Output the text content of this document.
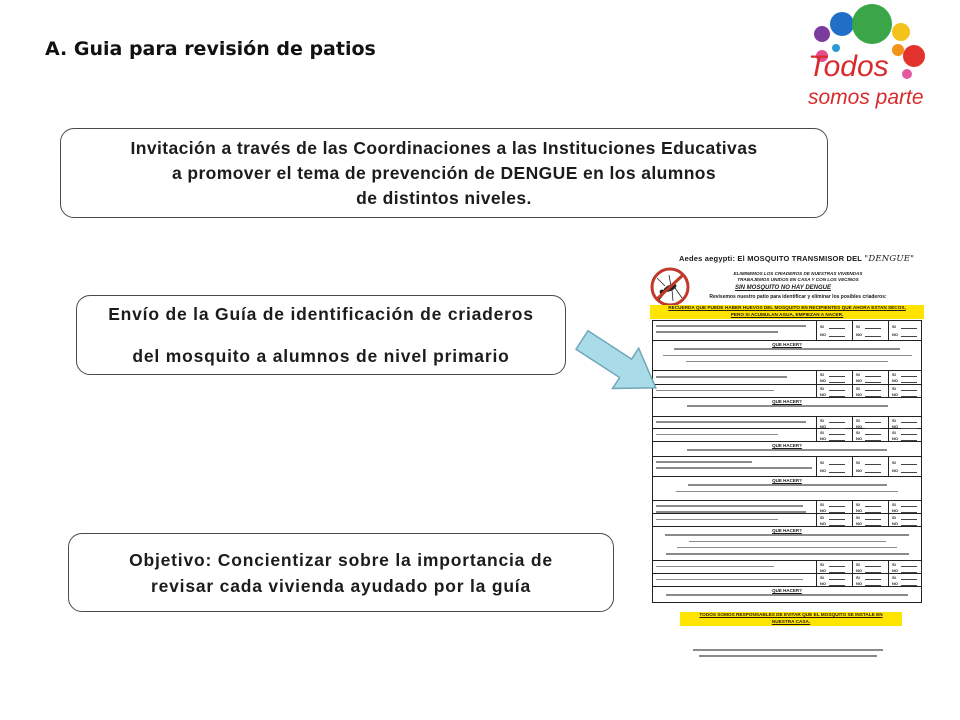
A. Guia para revisión de patios
Todos
somos parte
Invitación a través de las Coordinaciones a las Instituciones Educativas
a promover el tema de prevención de DENGUE en los alumnos
de distintos niveles.
Envío de la Guía de identificación de criaderos
del mosquito a alumnos de nivel primario
Objetivo: Concientizar sobre la importancia de
revisar cada vivienda ayudado por la guía
Aedes aegypti: El MOSQUITO TRANSMISOR DEL "DENGUE"
ELIMINEMOS LOS CRIADEROS DE NUESTRAS VIVIENDAS
TRABAJEMOS UNIDOS EN CASA Y CON LOS VECINOS
SIN MOSQUITO NO HAY DENGUE
Revisemos nuestro patio para identificar y eliminar los posibles criaderos:
RECUERDA QUE PUEDE HABER HUEVOS DEL MOSQUITO EN RECIPIENTES QUE AHORA ESTAN SECOS, PERO SI ACUMULAN AGUA, EMPIEZAN A NACER.
SI
NO
SI
NO
SI
NO
QUE HACER?
SI
NO
SI
NO
SI
NO
SI
NO
SI
NO
SI
NO
QUE HACER?
SI
NO
SI
NO
SI
NO
SI
NO
SI
NO
SI
NO
QUE HACER?
SI
NO
SI
NO
SI
NO
QUE HACER?
SI
NO
SI
NO
SI
NO
SI
NO
SI
NO
SI
NO
QUE HACER?
SI
NO
SI
NO
SI
NO
SI
NO
SI
NO
SI
NO
QUE HACER?
TODOS SOMOS RESPONSABLES DE EVITAR QUE EL MOSQUITO SE INSTALE EN NUESTRA CASA.
